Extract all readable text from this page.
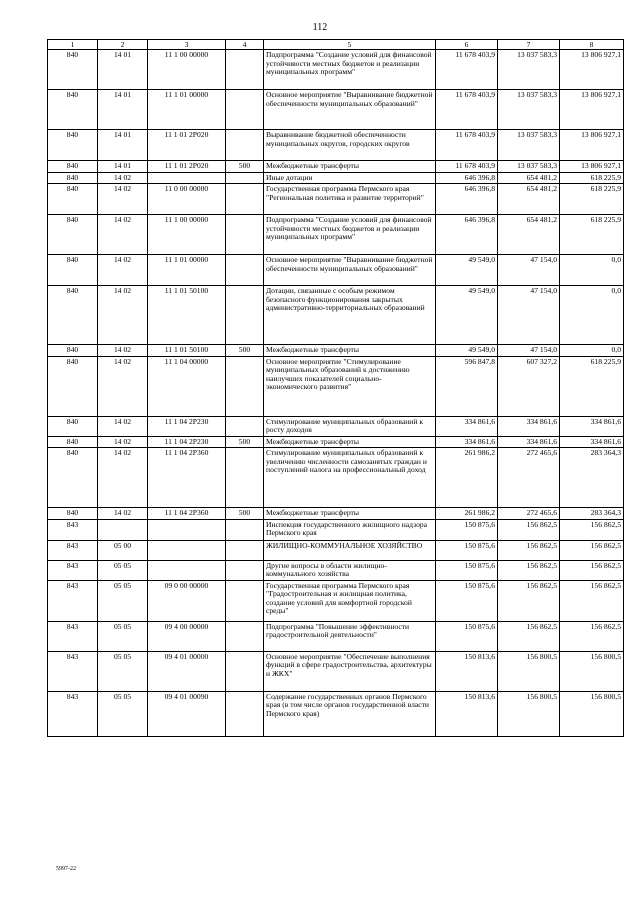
112
1	2	3	4	5	6	7	8
840	14 01	11 1 00 00000		Подпрограмма "Создание условий для финансовой устойчивости местных бюджетов и реализации муниципальных программ"	11 678 403,9	13 037 583,3	13 806 927,1
840	14 01	11 1 01 00000		Основное мероприятие "Выравнивание бюджетной обеспеченности муниципальных образований"	11 678 403,9	13 037 583,3	13 806 927,1
840	14 01	11 1 01 2P020		Выравнивание бюджетной обеспеченности муниципальных округов, городских округов	11 678 403,9	13 037 583,3	13 806 927,1
840	14 01	11 1 01 2P020	500	Межбюджетные трансферты	11 678 403,9	13 037 583,3	13 806 927,1
840	14 02			Иные дотации	646 396,8	654 481,2	618 225,9
840	14 02	11 0 00 00000		Государственная программа Пермского края "Региональная политика и развитие территорий"	646 396,8	654 481,2	618 225,9
840	14 02	11 1 00 00000		Подпрограмма "Создание условий для финансовой устойчивости местных бюджетов и реализации муниципальных программ"	646 396,8	654 481,2	618 225,9
840	14 02	11 1 01 00000		Основное мероприятие "Выравнивание бюджетной обеспеченности муниципальных образований"	49 549,0	47 154,0	0,0
840	14 02	11 1 01 50100		Дотации, связанные с особым режимом безопасного функционирования закрытых административно-территориальных образований	49 549,0	47 154,0	0,0
840	14 02	11 1 01 50100	500	Межбюджетные трансферты	49 549,0	47 154,0	0,0
840	14 02	11 1 04 00000		Основное мероприятие "Стимулирование муниципальных образований к достижению наилучших показателей социально-экономического развития"	596 847,8	607 327,2	618 225,9
840	14 02	11 1 04 2P230		Стимулирование муниципальных образований к росту доходов	334 861,6	334 861,6	334 861,6
840	14 02	11 1 04 2P230	500	Межбюджетные трансферты	334 861,6	334 861,6	334 861,6
840	14 02	11 1 04 2P360		Стимулирование муниципальных образований к увеличению численности самозанятых граждан и поступлений налога на профессиональный доход	261 986,2	272 465,6	283 364,3
840	14 02	11 1 04 2P360	500	Межбюджетные трансферты	261 986,2	272 465,6	283 364,3
843				Инспекция государственного жилищного надзора Пермского края	150 875,6	156 862,5	156 862,5
843	05 00			ЖИЛИЩНО-КОММУНАЛЬНОЕ ХОЗЯЙСТВО	150 875,6	156 862,5	156 862,5
843	05 05			Другие вопросы в области жилищно-коммунального хозяйства	150 875,6	156 862,5	156 862,5
843	05 05	09 0 00 00000		Государственная программа Пермского края "Градостроительная и жилищная политика, создание условий для комфортной городской среды"	150 875,6	156 862,5	156 862,5
843	05 05	09 4 00 00000		Подпрограмма "Повышение эффективности градостроительной деятельности"	150 875,6	156 862,5	156 862,5
843	05 05	09 4 01 00000		Основное мероприятие "Обеспечение выполнения функций в сфере градостроительства, архитектуры и ЖКХ"	150 813,6	156 800,5	156 800,5
843	05 05	09 4 01 00090		Содержание государственных органов Пермского края (в том числе органов государственной власти Пермского края)	150 813,6	156 800,5	156 800,5
5997-22
